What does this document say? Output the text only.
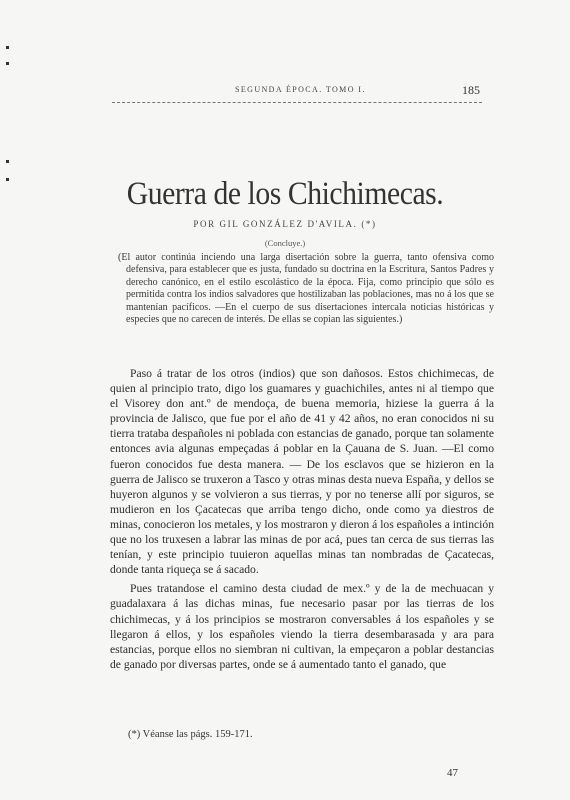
SEGUNDA ÉPOCA. TOMO I.	185
Guerra de los Chichimecas.
POR GIL GONZÁLEZ D'AVILA. (*)
(Concluye.)

(El autor continúa inciendo una larga disertación sobre la guerra, tanto ofensiva como defensiva, para establecer que es justa, fundado su doctrina en la Escritura, Santos Padres y derecho canónico, en el estilo escolástico de la época. Fija, como principio que sólo es permitida contra los indios salvadores que hostilizaban las poblaciones, mas no á los que se mantenían pacíficos. —En el cuerpo de sus disertaciones intercala noticias históricas y especies que no carecen de interés. De ellas se copian las siguientes.)

Paso á tratar de los otros (indios) que son dañosos. Estos chichimecas, de quien al principio trato, digo los guamares y guachichiles, antes ni al tiempo que el Visorey don ant.º de mendoça, de buena memoria, hiziese la guerra á la provincia de Jalisco, que fue por el año de 41 y 42 años, no eran conocidos ni su tierra trataba despañoles ni poblada con estancias de ganado, porque tan solamente entonces avia algunas empeçadas á poblar en la Çauana de S. Juan. —El como fueron conocidos fue desta manera. — De los esclavos que se hizieron en la guerra de Jalisco se truxeron a Tasco y otras minas desta nueva España, y dellos se huyeron algunos y se volvieron a sus tierras, y por no tenerse allí por siguros, se mudieron en los Çacatecas que arriba tengo dicho, onde como ya diestros de minas, conocieron los metales, y los mostraron y dieron á los españoles a intinción que no los truxesen a labrar las minas de por acá, pues tan cerca de sus tierras las tenían, y este principio tuuieron aquellas minas tan nombradas de Çacatecas, donde tanta riqueça se á sacado.

Pues tratandose el camino desta ciudad de mex.º y de la de mechuacan y guadalaxara á las dichas minas, fue necesario pasar por las tierras de los chichimecas, y á los principios se mostraron conversables á los españoles y se llegaron á ellos, y los españoles viendo la tierra desembarasada y ara para estancias, porque ellos no siembran ni cultivan, la empeçaron a poblar destancias de ganado por diversas partes, onde se á aumentado tanto el ganado, que

(*) Véanse las págs. 159-171.
47
